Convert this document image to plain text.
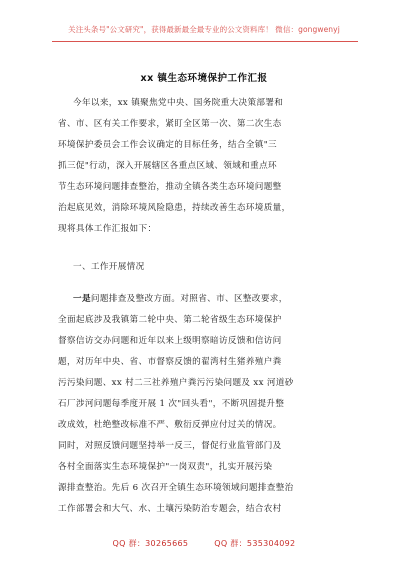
关注头条号"公文研究"，获得最新最全最专业的公文资料库！ 微信：gongwenyj
xx 镇生态环境保护工作汇报
今年以来，xx 镇聚焦党中央、国务院重大决策部署和
省、市、区有关工作要求，紧盯全区第一次、第二次生态
环境保护委员会工作会议确定的目标任务，结合全镇"三
抓三促"行动，深入开展辖区各重点区域、领域和重点环
节生态环境问题排查整治，推动全镇各类生态环境问题整
治起底见效，消除环境风险隐患，持续改善生态环境质量，
现将具体工作汇报如下：
一、工作开展情况
一是问题排查及整改方面。对照省、市、区整改要求，
全面起底涉及我镇第二轮中央、第二轮省级生态环境保护
督察信访交办问题和近年以来上级明察暗访反馈和信访问
题，对历年中央、省、市督察反馈的翟湾村生猪养殖户粪
污污染问题、xx 村二三社养殖户粪污污染问题及 xx 河道砂
石厂涉河问题每季度开展 1 次"回头看"，不断巩固提升整
改成效，杜绝整改标准不严、敷衍反弹应付过关的情况。
同时，对照反馈问题坚持举一反三，督促行业监管部门及
各村全面落实生态环境保护"一岗双责"，扎实开展污染
源排查整治。先后 6 次召开全镇生态环境领域问题排查整治
工作部署会和大气、水、土壤污染防治专题会，结合农村
QQ 群：30265665	QQ 群：535304092
